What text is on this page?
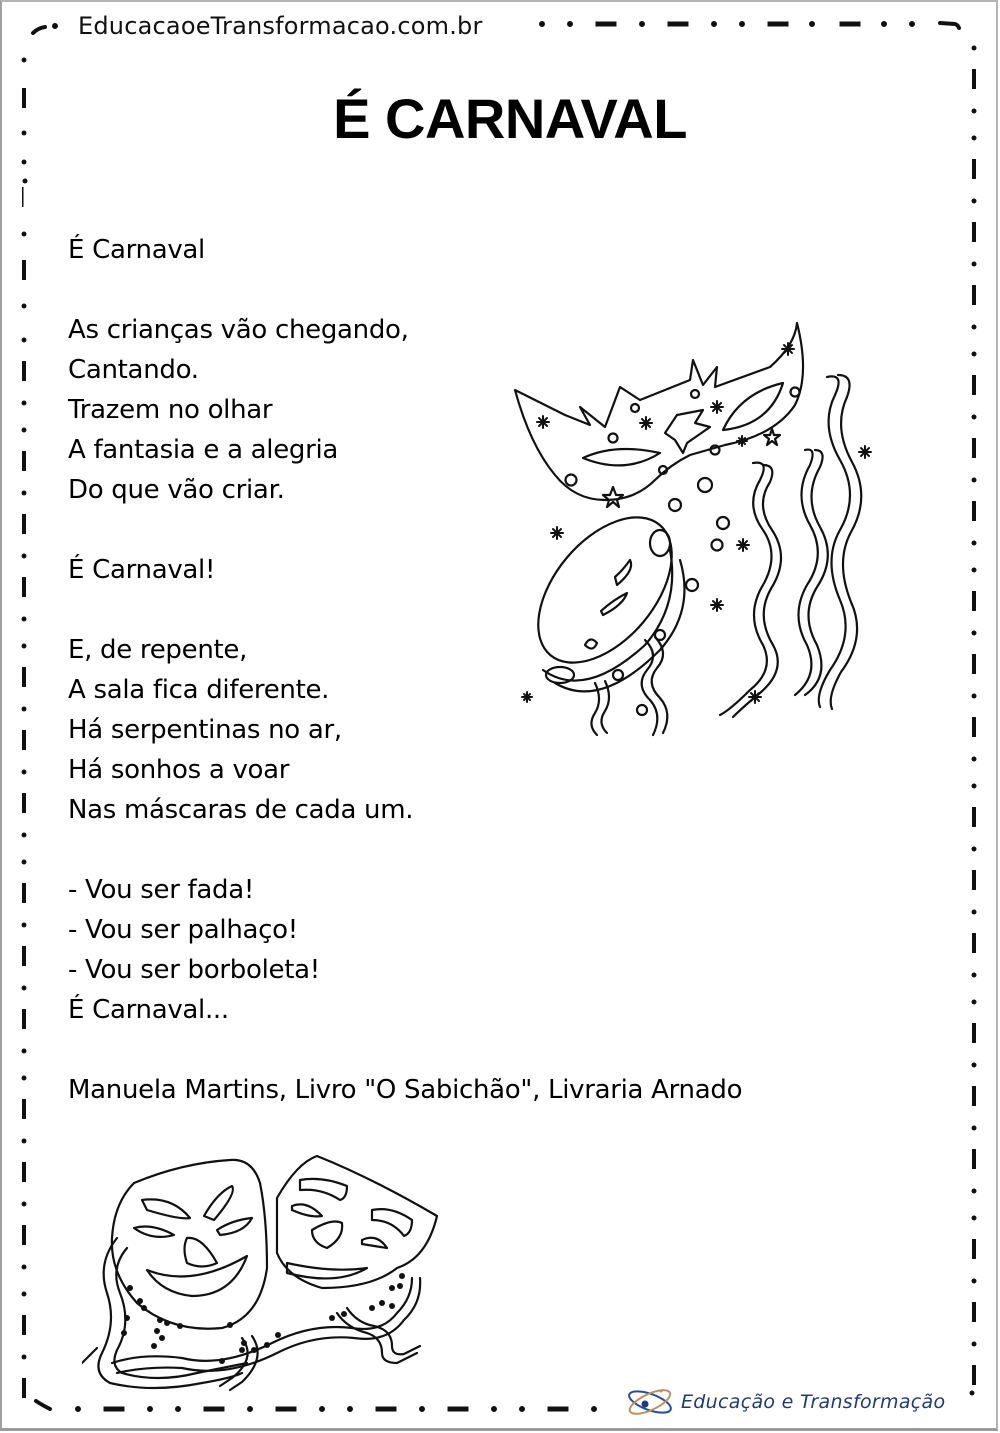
EducacaoeTransformacao.com.br
É CARNAVAL
É Carnaval
As crianças vão chegando,
Cantando.
Trazem no olhar
A fantasia e a alegria
Do que vão criar.
É Carnaval!
E, de repente,
A sala fica diferente.
Há serpentinas no ar,
Há sonhos a voar
Nas máscaras de cada um.
- Vou ser fada!
- Vou ser palhaço!
- Vou ser borboleta!
É Carnaval...
Manuela Martins, Livro "O Sabichão", Livraria Arnado
Educação e Transformação
